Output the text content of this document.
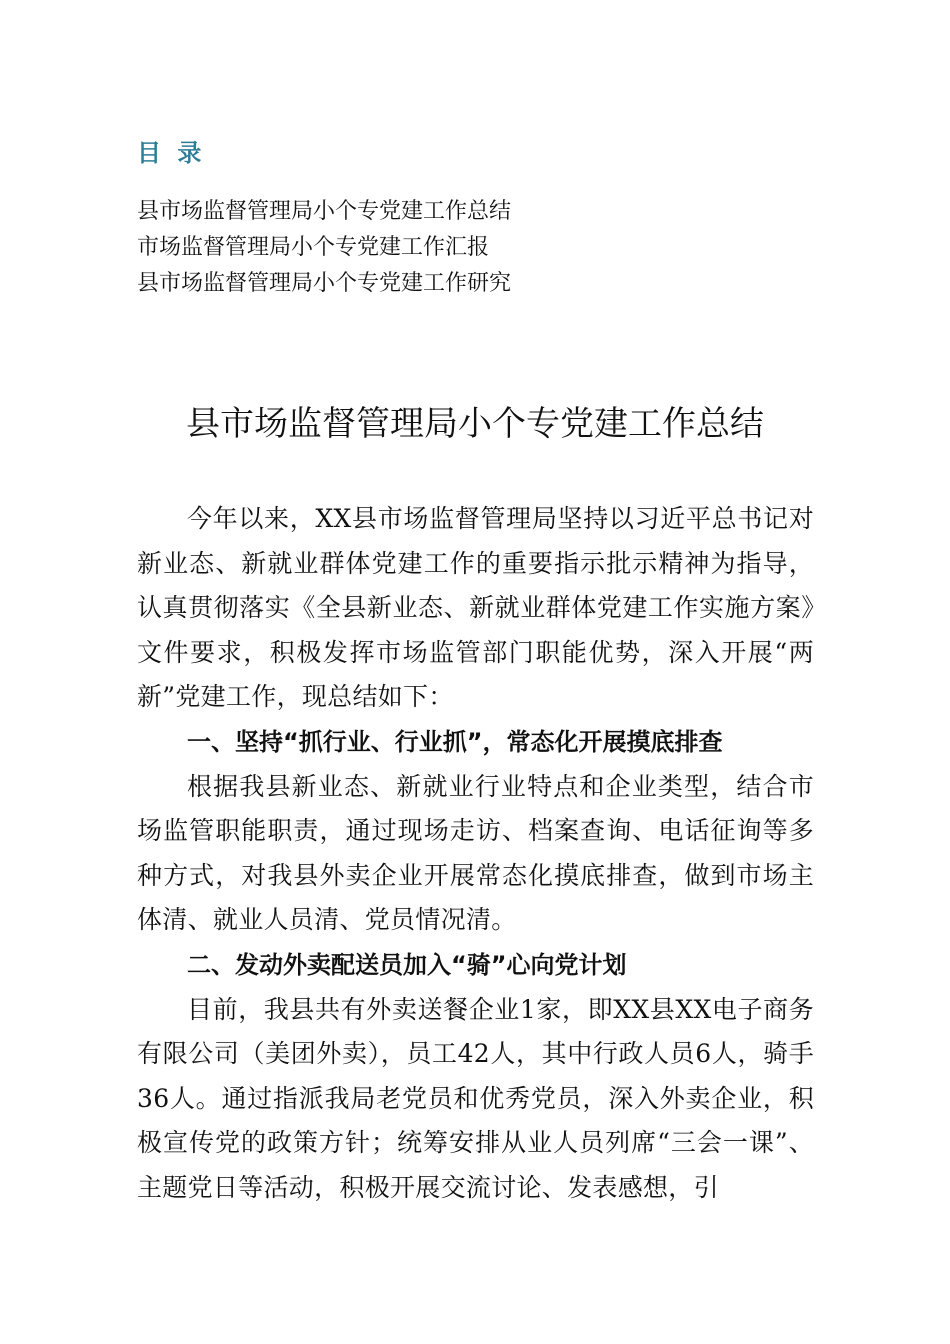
目 录
县市场监督管理局小个专党建工作总结
市场监督管理局小个专党建工作汇报
县市场监督管理局小个专党建工作研究
县市场监督管理局小个专党建工作总结

今年以来，XX县市场监督管理局坚持以习近平总书记对新业态、新就业群体党建工作的重要指示批示精神为指导，认真贯彻落实《全县新业态、新就业群体党建工作实施方案》文件要求，积极发挥市场监管部门职能优势，深入开展“两新”党建工作，现总结如下：

一、坚持“抓行业、行业抓”，常态化开展摸底排查

根据我县新业态、新就业行业特点和企业类型，结合市场监管职能职责，通过现场走访、档案查询、电话征询等多种方式，对我县外卖企业开展常态化摸底排查，做到市场主体清、就业人员清、党员情况清。

二、发动外卖配送员加入“骑”心向党计划

目前，我县共有外卖送餐企业1家，即XX县XX电子商务有限公司（美团外卖），员工42人，其中行政人员6人，骑手36人。通过指派我局老党员和优秀党员，深入外卖企业，积极宣传党的政策方针；统筹安排从业人员列席“三会一课”、主题党日等活动，积极开展交流讨论、发表感想，引
